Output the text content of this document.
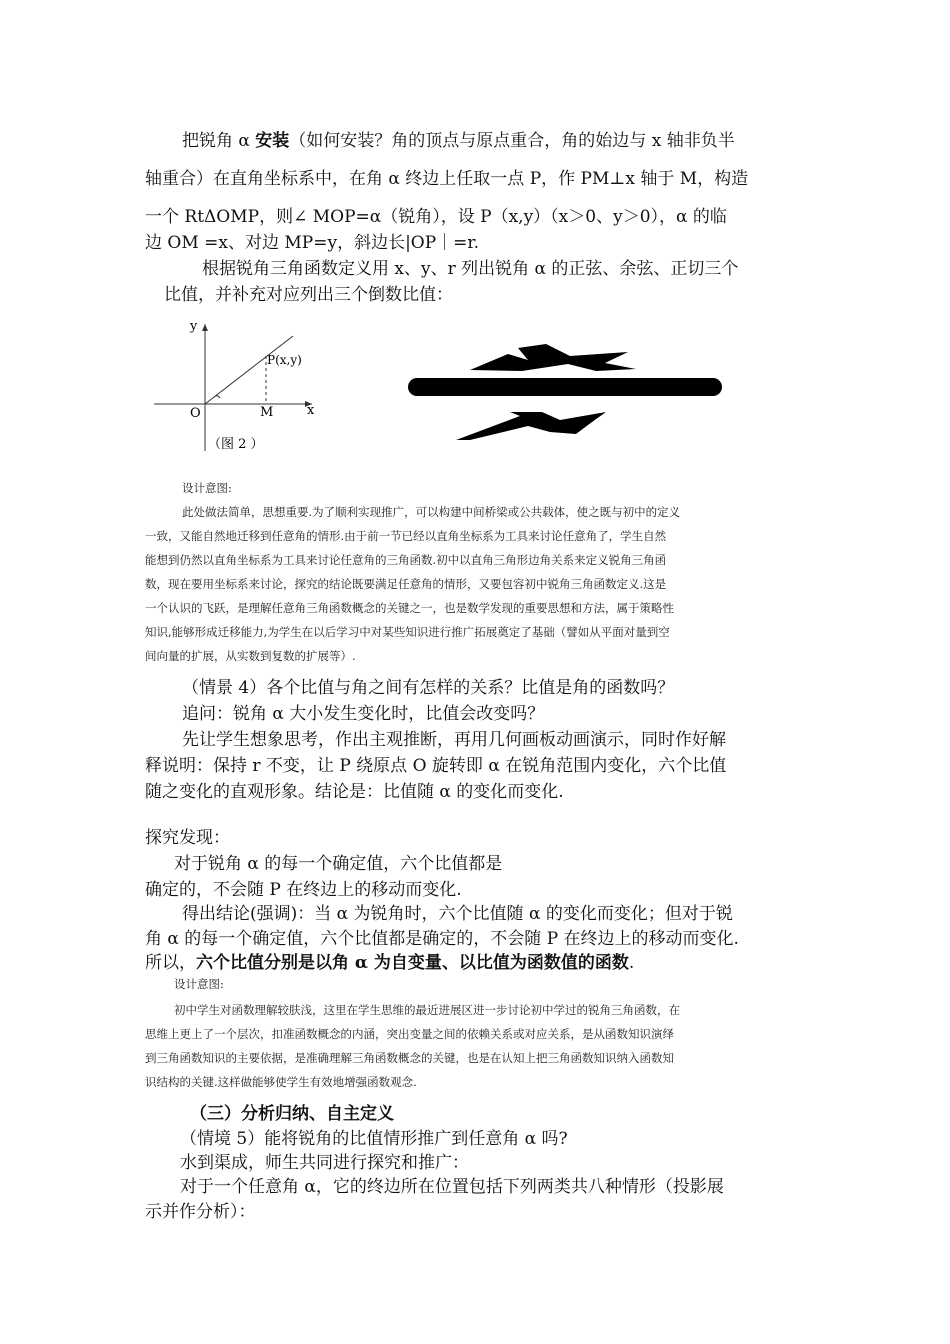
把锐角 α 安装（如何安装？角的顶点与原点重合，角的始边与 x 轴非负半
轴重合）在直角坐标系中，在角 α 终边上任取一点 P，作 PM⊥x 轴于 M，构造
一个 RtΔOMP，则∠ MOP=α（锐角），设 P（x,y）（x＞0、y＞0），α 的临
边 OM =x、对边 MP=y，斜边长|OP｜=r.
根据锐角三角函数定义用 x、y、r 列出锐角 α 的正弦、余弦、正切三个
比值，并补充对应列出三个倒数比值：
y
x
O	M
P(x,y)
（图 2 ）
设计意图:
此处做法简单，思想重要.为了顺利实现推广，可以构建中间桥梁或公共载体，使之既与初中的定义
一致，又能自然地迁移到任意角的情形.由于前一节已经以直角坐标系为工具来讨论任意角了，学生自然
能想到仍然以直角坐标系为工具来讨论任意角的三角函数.初中以直角三角形边角关系来定义锐角三角函
数，现在要用坐标系来讨论，探究的结论既要满足任意角的情形，又要包容初中锐角三角函数定义.这是
一个认识的飞跃，是理解任意角三角函数概念的关键之一，也是数学发现的重要思想和方法，属于策略性
知识,能够形成迁移能力,为学生在以后学习中对某些知识进行推广拓展奠定了基础（譬如从平面对量到空
间向量的扩展，从实数到复数的扩展等）.
（情景 4）各个比值与角之间有怎样的关系？比值是角的函数吗？
追问：锐角 α 大小发生变化时，比值会改变吗？
先让学生想象思考，作出主观推断，再用几何画板动画演示，同时作好解
释说明：保持 r 不变，让 P 绕原点 O 旋转即 α 在锐角范围内变化，六个比值
随之变化的直观形象。结论是：比值随 α 的变化而变化.
探究发现：
对于锐角 α 的每一个确定值，六个比值都是
确定的，不会随 P 在终边上的移动而变化.
得出结论(强调)：当 α 为锐角时，六个比值随 α 的变化而变化；但对于锐
角 α 的每一个确定值，六个比值都是确定的，不会随 P 在终边上的移动而变化.
所以，六个比值分别是以角 α 为自变量、以比值为函数值的函数.
设计意图:
初中学生对函数理解较肤浅，这里在学生思维的最近进展区进一步讨论初中学过的锐角三角函数，在
思维上更上了一个层次，扣准函数概念的内涵，突出变量之间的依赖关系或对应关系，是从函数知识演绎
到三角函数知识的主要依据，是准确理解三角函数概念的关键，也是在认知上把三角函数知识纳入函数知
识结构的关键.这样做能够使学生有效地增强函数观念.
（三）分析归纳、自主定义
（情境 5）能将锐角的比值情形推广到任意角 α 吗?
水到渠成，师生共同进行探究和推广：
对于一个任意角 α，它的终边所在位置包括下列两类共八种情形（投影展
示并作分析）：
